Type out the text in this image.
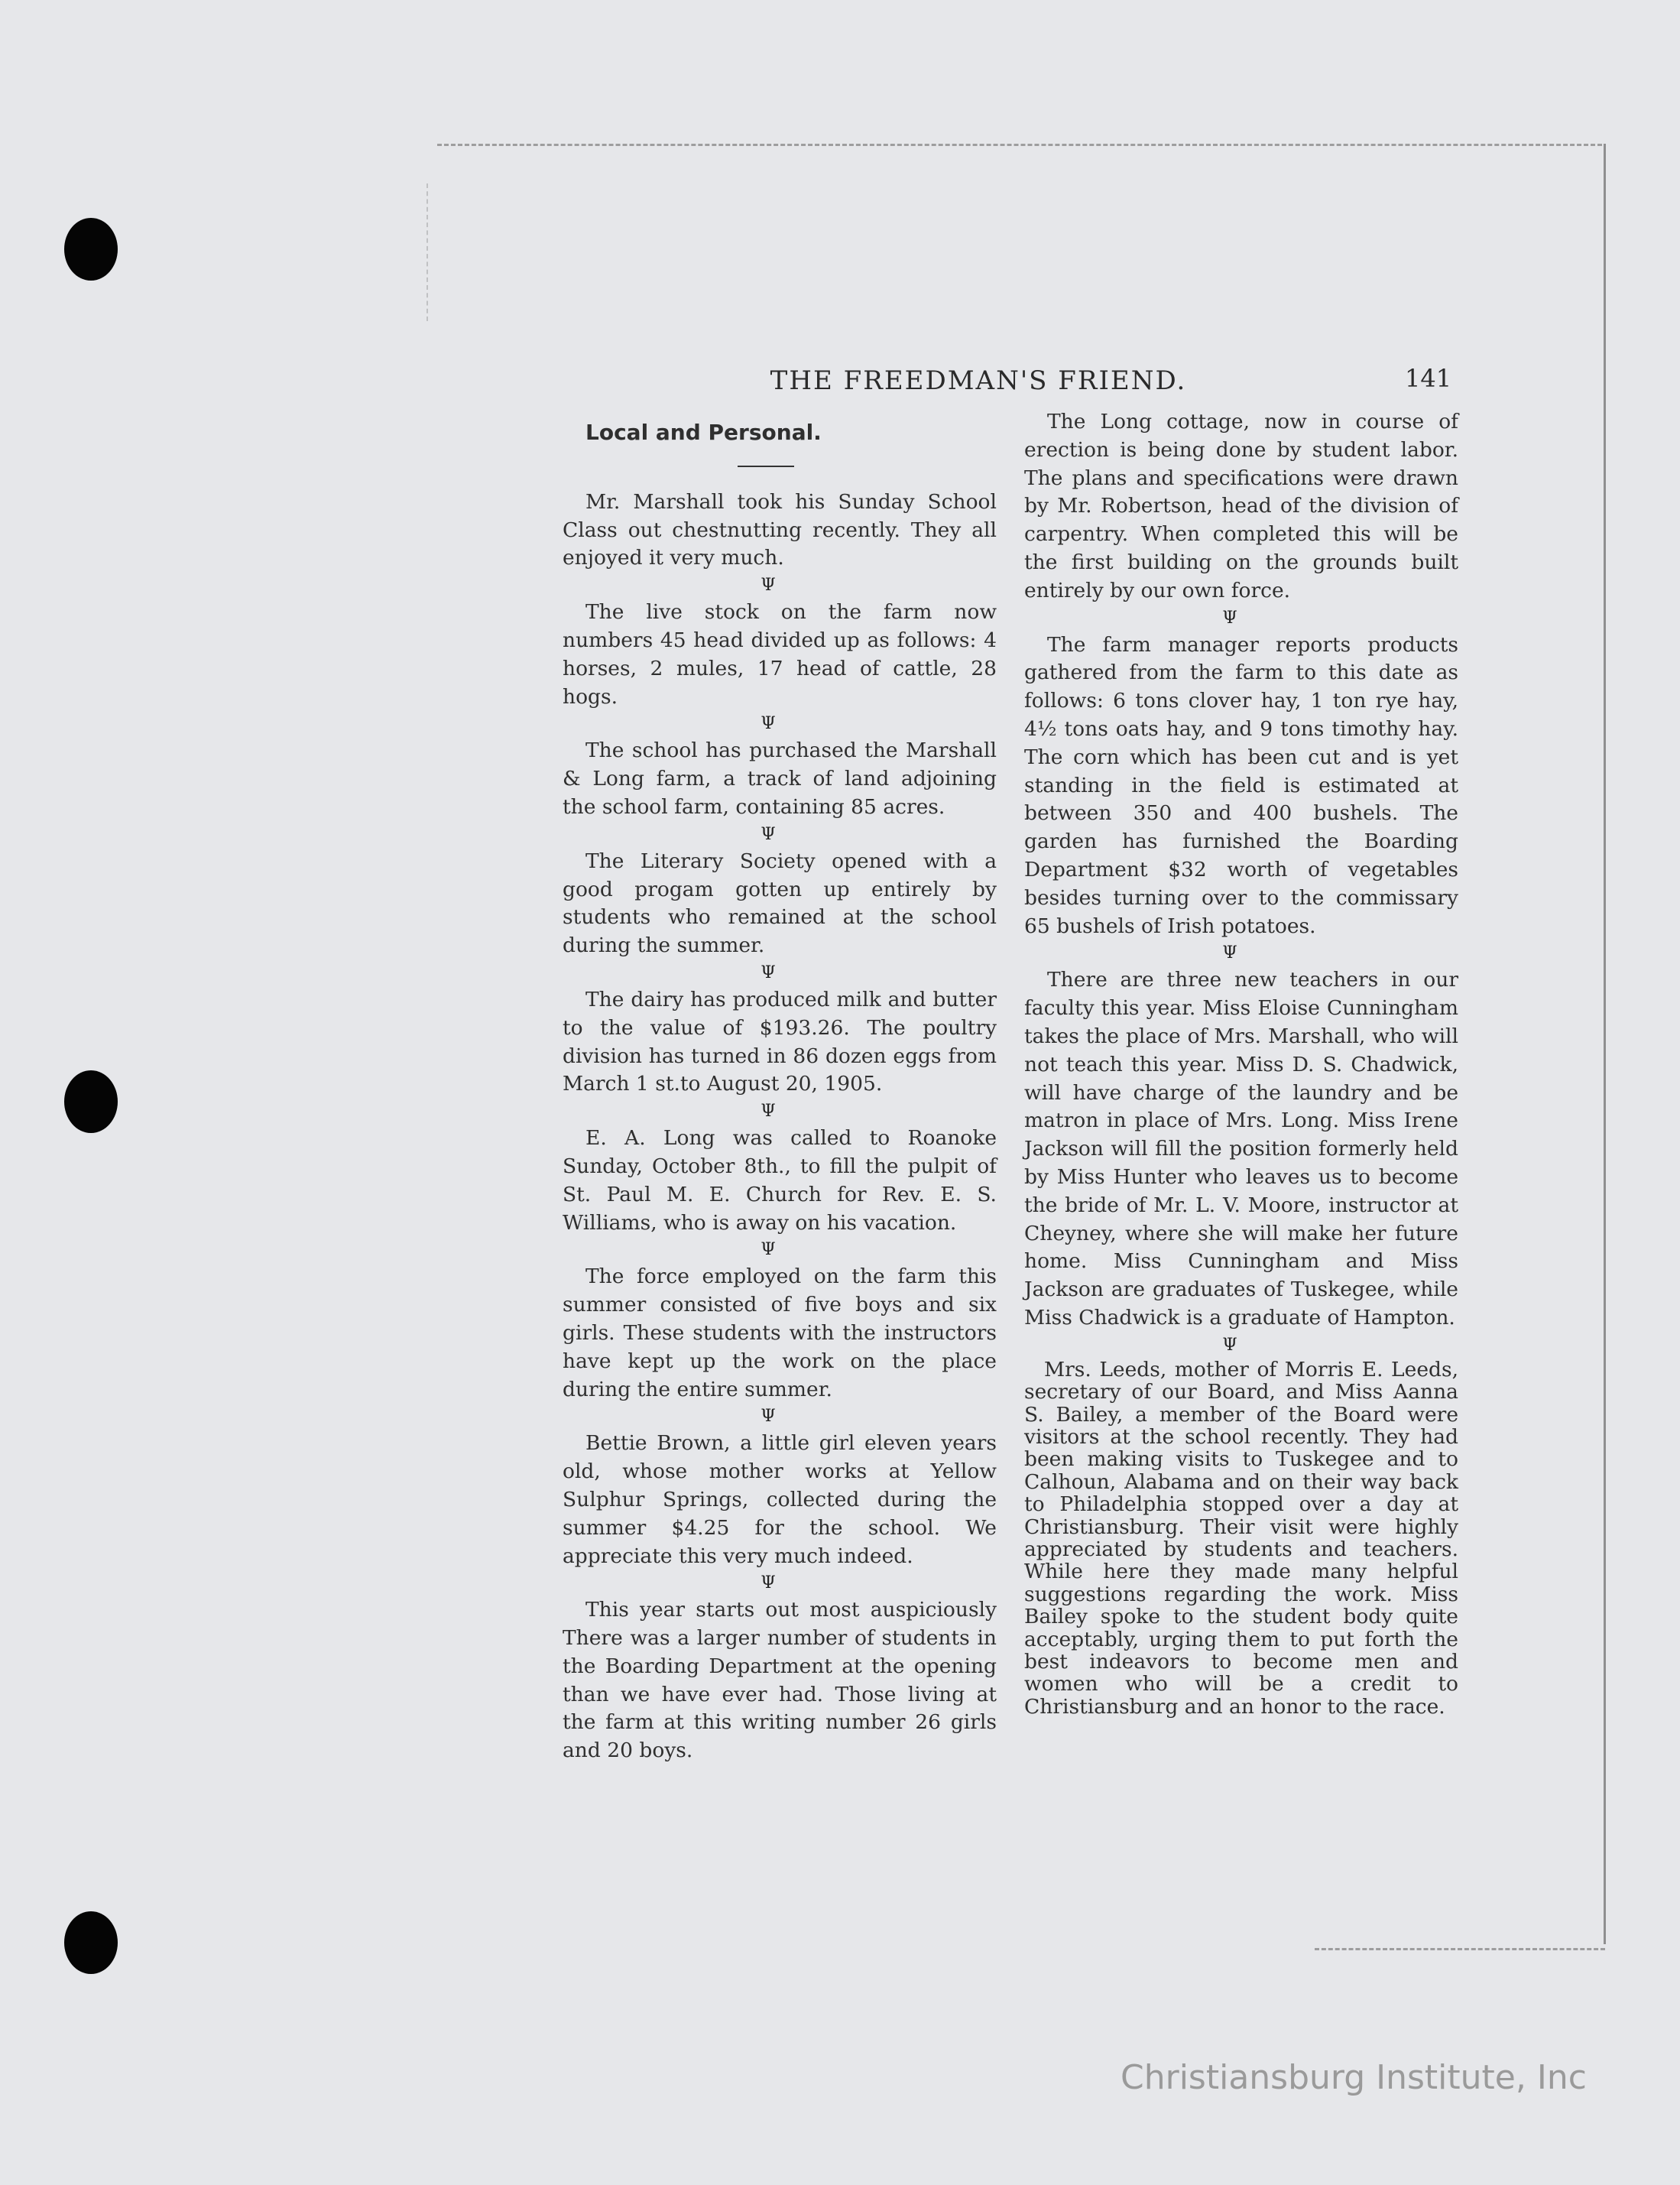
THE FREEDMAN'S FRIEND.	141

Local and Personal.

Mr. Marshall took his Sunday School Class out chestnutting recently. They all enjoyed it very much.

Ψ

The live stock on the farm now numbers 45 head divided up as follows: 4 horses, 2 mules, 17 head of cattle, 28 hogs.

Ψ

The school has purchased the Marshall & Long farm, a track of land adjoining the school farm, containing 85 acres.

Ψ

The Literary Society opened with a good progam gotten up entirely by students who remained at the school during the summer.

Ψ

The dairy has produced milk and butter to the value of $193.26. The poultry division has turned in 86 dozen eggs from March 1 st.to August 20, 1905.

Ψ

E. A. Long was called to Roanoke Sunday, October 8th., to fill the pulpit of St. Paul M. E. Church for Rev. E. S. Williams, who is away on his vacation.

Ψ

The force employed on the farm this summer consisted of five boys and six girls. These students with the instructors have kept up the work on the place during the entire summer.

Ψ

Bettie Brown, a little girl eleven years old, whose mother works at Yellow Sulphur Springs, collected during the summer $4.25 for the school. We appreciate this very much indeed.

Ψ

This year starts out most auspiciously There was a larger number of students in the Boarding Department at the opening than we have ever had. Those living at the farm at this writing number 26 girls and 20 boys.

The Long cottage, now in course of erection is being done by student labor. The plans and specifications were drawn by Mr. Robertson, head of the division of carpentry. When completed this will be the first building on the grounds built entirely by our own force.

Ψ

The farm manager reports products gathered from the farm to this date as follows: 6 tons clover hay, 1 ton rye hay, 4½ tons oats hay, and 9 tons timothy hay. The corn which has been cut and is yet standing in the field is estimated at between 350 and 400 bushels. The garden has furnished the Boarding Department $32 worth of vegetables besides turning over to the commissary 65 bushels of Irish potatoes.

Ψ

There are three new teachers in our faculty this year. Miss Eloise Cunningham takes the place of Mrs. Marshall, who will not teach this year. Miss D. S. Chadwick, will have charge of the laundry and be matron in place of Mrs. Long. Miss Irene Jackson will fill the position formerly held by Miss Hunter who leaves us to become the bride of Mr. L. V. Moore, instructor at Cheyney, where she will make her future home. Miss Cunningham and Miss Jackson are graduates of Tuskegee, while Miss Chadwick is a graduate of Hampton.

Ψ

Mrs. Leeds, mother of Morris E. Leeds, secretary of our Board, and Miss Aanna S. Bailey, a member of the Board were visitors at the school recently. They had been making visits to Tuskegee and to Calhoun, Alabama and on their way back to Philadelphia stopped over a day at Christiansburg. Their visit were highly appreciated by students and teachers. While here they made many helpful suggestions regarding the work. Miss Bailey spoke to the student body quite acceptably, urging them to put forth the best indeavors to become men and women who will be a credit to Christiansburg and an honor to the race.

Christiansburg Institute, Inc
